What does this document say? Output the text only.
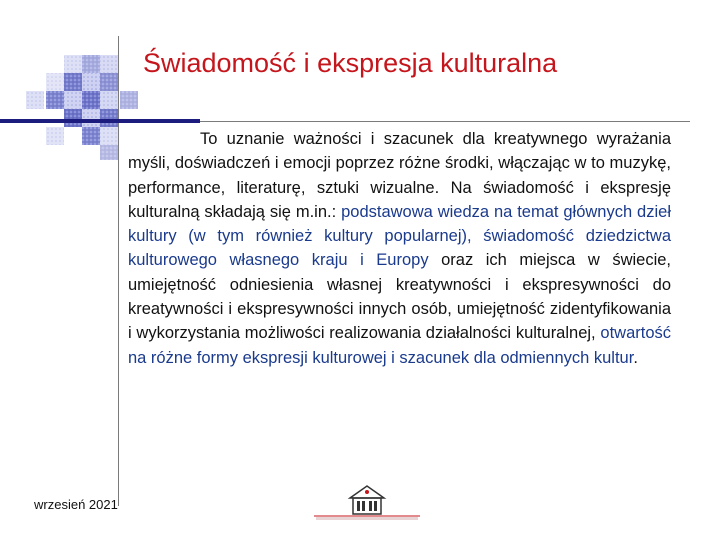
Świadomość i ekspresja kulturalna

To uznanie ważności i szacunek dla kreatywnego wyrażania myśli, doświadczeń i emocji poprzez różne środki, włączając w to muzykę, performance, literaturę, sztuki wizualne. Na świadomość i ekspresję kulturalną składają się m.in.: podstawowa wiedza na temat głównych dzieł kultury (w tym również kultury popularnej), świadomość dziedzictwa kulturowego własnego kraju i Europy oraz ich miejsca w świecie, umiejętność odniesienia własnej kreatywności i ekspresywności do kreatywności i ekspresywności innych osób, umiejętność zidentyfikowania i wykorzystania możliwości realizowania działalności kulturalnej, otwartość na różne formy ekspresji kulturowej i szacunek dla odmiennych kultur.

wrzesień 2021
